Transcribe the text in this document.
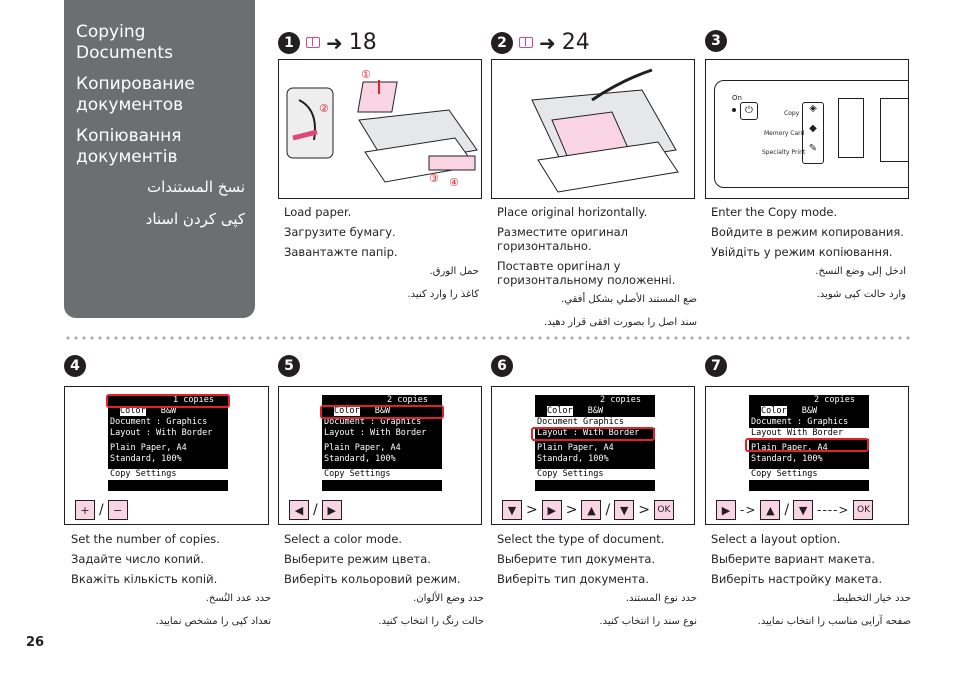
Copying Documents
Копирование документов
Копіювання документів
نسخ المستندات
کپی کردن اسناد
1	➜ 18
②
①
③ ④

Load paper.

Загрузите бумагу.

Завантажте папір.

حمل الورق.

کاغذ را وارد کنید.

2	➜ 24

Place original horizontally.

Разместите оригинал горизонтально.

Поставте оригінал у горизонтальному положенні.

ضع المستند الأصلي بشكل أفقي.

سند اصل را بصورت افقی قرار دهید.

3
On
⏻	Copy
Memory Card
Specialty Print
◈
◆
✎

Enter the Copy mode.

Войдите в режим копирования.

Увійдіть у режим копіювання.

ادخل إلى وضع النسخ.

وارد حالت کپی شوید.

4
1 copies
Color B&W
Document : Graphics
Layout : With Border
Plain Paper, A4
Standard, 100%
Copy Settings
+ / −

Set the number of copies.

Задайте число копий.

Вкажіть кількість копій.

حدد عدد النُسخ.

تعداد کپی را مشخص نمایید.

5
2 copies
Color B&W
Document : Graphics
Layout : With Border
Plain Paper, A4
Standard, 100%
Copy Settings
◀ / ▶

Select a color mode.

Выберите режим цвета.

Виберіть кольоровий режим.

حدد وضع الألوان.

حالت رنگ را انتخاب کنید.

6
2 copies
Color B&W
Document Graphics
Layout : With Border
Plain Paper, A4
Standard, 100%
Copy Settings
▼ > ▶ > ▲ / ▼ > OK

Select the type of document.

Выберите тип документа.

Виберіть тип документа.

حدد نوع المستند.

نوع سند را انتخاب کنید.

7
2 copies
Color B&W
Document : Graphics
Layout With Border
Plain Paper, A4
Standard, 100%
Copy Settings
▶ -> ▲ / ▼ ----> OK

Select a layout option.

Выберите вариант макета.

Виберіть настройку макета.

حدد خيار التخطيط.

صفحه آرایی مناسب را انتخاب نمایید.

26
